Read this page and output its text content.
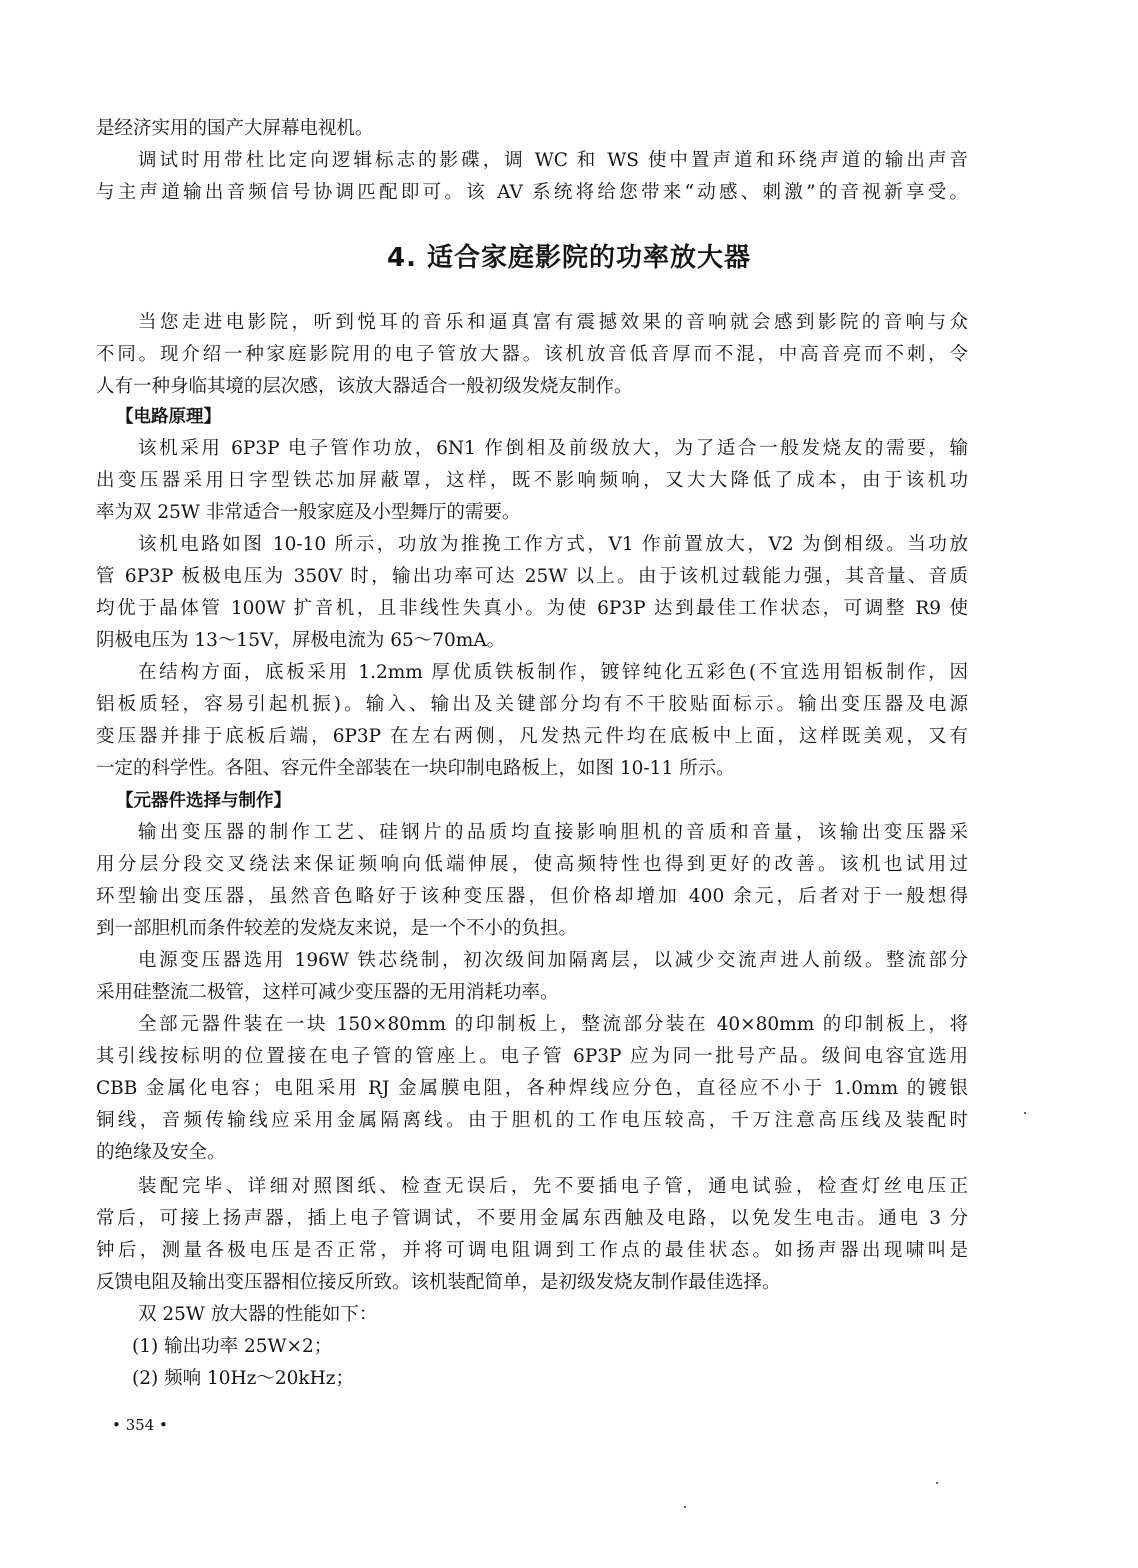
是经济实用的国产大屏幕电视机。
调试时用带杜比定向逻辑标志的影碟，调 WC 和 WS 使中置声道和环绕声道的输出声音
与主声道输出音频信号协调匹配即可。该 AV 系统将给您带来“动感、刺激”的音视新享受。
4. 适合家庭影院的功率放大器
当您走进电影院，听到悦耳的音乐和逼真富有震撼效果的音响就会感到影院的音响与众
不同。现介绍一种家庭影院用的电子管放大器。该机放音低音厚而不混，中高音亮而不刺，令
人有一种身临其境的层次感，该放大器适合一般初级发烧友制作。
【电路原理】
该机采用 6P3P 电子管作功放，6N1 作倒相及前级放大，为了适合一般发烧友的需要，输
出变压器采用日字型铁芯加屏蔽罩，这样，既不影响频响，又大大降低了成本，由于该机功
率为双 25W 非常适合一般家庭及小型舞厅的需要。
该机电路如图 10-10 所示，功放为推挽工作方式，V1 作前置放大，V2 为倒相级。当功放
管 6P3P 板极电压为 350V 时，输出功率可达 25W 以上。由于该机过载能力强，其音量、音质
均优于晶体管 100W 扩音机，且非线性失真小。为使 6P3P 达到最佳工作状态，可调整 R9 使
阴极电压为 13～15V，屏极电流为 65～70mA。
在结构方面，底板采用 1.2mm 厚优质铁板制作，镀锌纯化五彩色(不宜选用铝板制作，因
铝板质轻，容易引起机振)。输入、输出及关键部分均有不干胶贴面标示。输出变压器及电源
变压器并排于底板后端，6P3P 在左右两侧，凡发热元件均在底板中上面，这样既美观，又有
一定的科学性。各阻、容元件全部装在一块印制电路板上，如图 10-11 所示。
【元器件选择与制作】
输出变压器的制作工艺、硅钢片的品质均直接影响胆机的音质和音量，该输出变压器采
用分层分段交叉绕法来保证频响向低端伸展，使高频特性也得到更好的改善。该机也试用过
环型输出变压器，虽然音色略好于该种变压器，但价格却增加 400 余元，后者对于一般想得
到一部胆机而条件较差的发烧友来说，是一个不小的负担。
电源变压器选用 196W 铁芯绕制，初次级间加隔离层，以减少交流声进人前级。整流部分
采用硅整流二极管，这样可减少变压器的无用消耗功率。
全部元器件装在一块 150×80mm 的印制板上，整流部分装在 40×80mm 的印制板上，将
其引线按标明的位置接在电子管的管座上。电子管 6P3P 应为同一批号产品。级间电容宜选用
CBB 金属化电容；电阻采用 RJ 金属膜电阻，各种焊线应分色，直径应不小于 1.0mm 的镀银
铜线，音频传输线应采用金属隔离线。由于胆机的工作电压较高，千万注意高压线及装配时
的绝缘及安全。
装配完毕、详细对照图纸、检查无误后，先不要插电子管，通电试验，检查灯丝电压正
常后，可接上扬声器，插上电子管调试，不要用金属东西触及电路，以免发生电击。通电 3 分
钟后，测量各极电压是否正常，并将可调电阻调到工作点的最佳状态。如扬声器出现啸叫是
反馈电阻及输出变压器相位接反所致。该机装配简单，是初级发烧友制作最佳选择。
双 25W 放大器的性能如下：
(1) 输出功率 25W×2；
(2) 频响 10Hz～20kHz；
• 354 •
